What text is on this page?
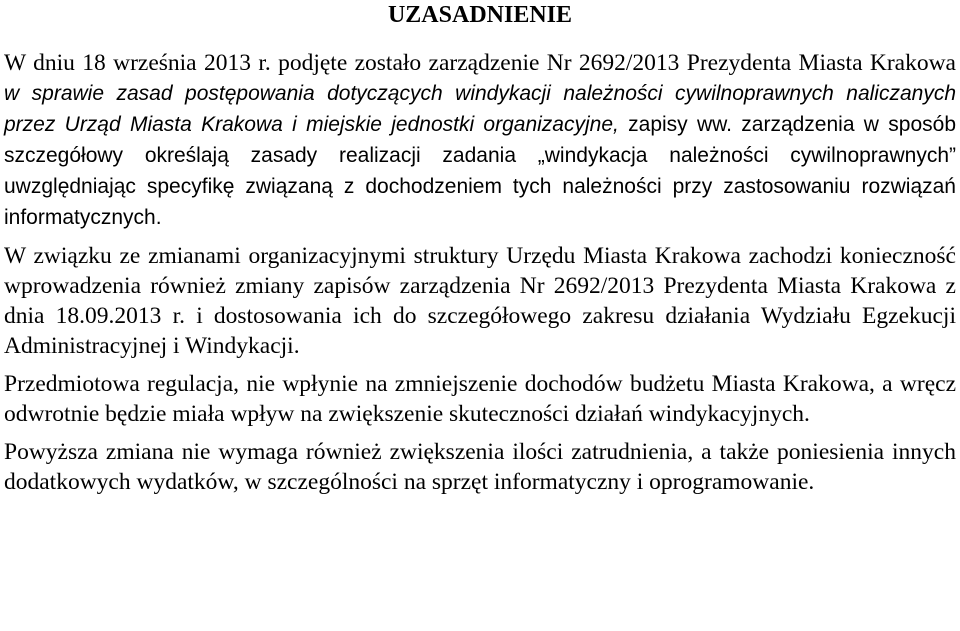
UZASADNIENIE

W dniu 18 września 2013 r. podjęte zostało zarządzenie Nr 2692/2013 Prezydenta Miasta Krakowa w sprawie zasad postępowania dotyczących windykacji należności cywilnoprawnych naliczanych przez Urząd Miasta Krakowa i miejskie jednostki organizacyjne, zapisy ww. zarządzenia w sposób szczegółowy określają zasady realizacji zadania „windykacja należności cywilnoprawnych” uwzględniając specyfikę związaną z dochodzeniem tych należności przy zastosowaniu rozwiązań informatycznych.

W związku ze zmianami organizacyjnymi struktury Urzędu Miasta Krakowa zachodzi konieczność wprowadzenia również zmiany zapisów zarządzenia Nr 2692/2013 Prezydenta Miasta Krakowa z dnia 18.09.2013 r. i dostosowania ich do szczegółowego zakresu działania Wydziału Egzekucji Administracyjnej i Windykacji.

Przedmiotowa regulacja, nie wpłynie na zmniejszenie dochodów budżetu Miasta Krakowa, a wręcz odwrotnie będzie miała wpływ na zwiększenie skuteczności działań windykacyjnych.

Powyższa zmiana nie wymaga również zwiększenia ilości zatrudnienia, a także poniesienia innych dodatkowych wydatków, w szczególności na sprzęt informatyczny i oprogramowanie.
